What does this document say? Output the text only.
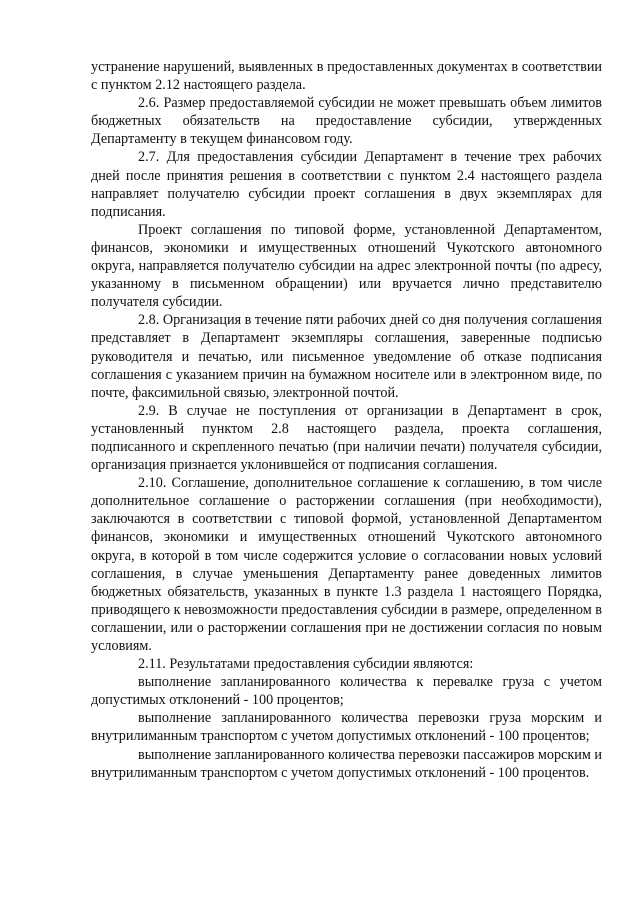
устранение нарушений, выявленных в предоставленных документах в соответствии с пунктом 2.12 настоящего раздела.

2.6. Размер предоставляемой субсидии не может превышать объем лимитов бюджетных обязательств на предоставление субсидии, утвержденных Департаменту в текущем финансовом году.

2.7. Для предоставления субсидии Департамент в течение трех рабочих дней после принятия решения в соответствии с пунктом 2.4 настоящего раздела направляет получателю субсидии проект соглашения в двух экземплярах для подписания.

Проект соглашения по типовой форме, установленной Департаментом, финансов, экономики и имущественных отношений Чукотского автономного округа, направляется получателю субсидии на адрес электронной почты (по адресу, указанному в письменном обращении) или вручается лично представителю получателя субсидии.

2.8. Организация в течение пяти рабочих дней со дня получения соглашения представляет в Департамент экземпляры соглашения, заверенные подписью руководителя и печатью, или письменное уведомление об отказе подписания соглашения с указанием причин на бумажном носителе или в электронном виде, по почте, факсимильной связью, электронной почтой.

2.9. В случае не поступления от организации в Департамент в срок, установленный пунктом 2.8 настоящего раздела, проекта соглашения, подписанного и скрепленного печатью (при наличии печати) получателя субсидии, организация признается уклонившейся от подписания соглашения.

2.10. Соглашение, дополнительное соглашение к соглашению, в том числе дополнительное соглашение о расторжении соглашения (при необходимости), заключаются в соответствии с типовой формой, установленной Департаментом финансов, экономики и имущественных отношений Чукотского автономного округа, в которой в том числе содержится условие о согласовании новых условий соглашения, в случае уменьшения Департаменту ранее доведенных лимитов бюджетных обязательств, указанных в пункте 1.3 раздела 1 настоящего Порядка, приводящего к невозможности предоставления субсидии в размере, определенном в соглашении, или о расторжении соглашения при не достижении согласия по новым условиям.

2.11. Результатами предоставления субсидии являются:

выполнение запланированного количества к перевалке груза с учетом допустимых отклонений - 100 процентов;

выполнение запланированного количества перевозки груза морским и внутрилиманным транспортом с учетом допустимых отклонений - 100 процентов;

выполнение запланированного количества перевозки пассажиров морским и внутрилиманным транспортом с учетом допустимых отклонений - 100 процентов.
